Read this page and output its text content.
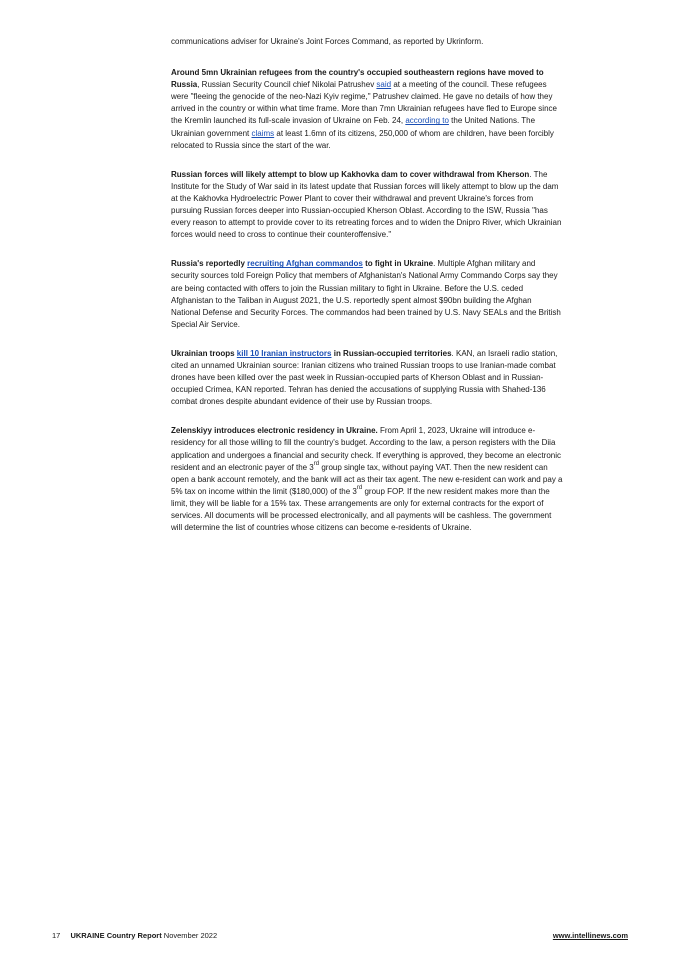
communications adviser for Ukraine's Joint Forces Command, as reported by Ukrinform.

Around 5mn Ukrainian refugees from the country's occupied southeastern regions have moved to Russia, Russian Security Council chief Nikolai Patrushev said at a meeting of the council. These refugees were "fleeing the genocide of the neo-Nazi Kyiv regime," Patrushev claimed. He gave no details of how they arrived in the country or within what time frame. More than 7mn Ukrainian refugees have fled to Europe since the Kremlin launched its full-scale invasion of Ukraine on Feb. 24, according to the United Nations. The Ukrainian government claims at least 1.6mn of its citizens, 250,000 of whom are children, have been forcibly relocated to Russia since the start of the war.

Russian forces will likely attempt to blow up Kakhovka dam to cover withdrawal from Kherson. The Institute for the Study of War said in its latest update that Russian forces will likely attempt to blow up the dam at the Kakhovka Hydroelectric Power Plant to cover their withdrawal and prevent Ukraine's forces from pursuing Russian forces deeper into Russian-occupied Kherson Oblast. According to the ISW, Russia "has every reason to attempt to provide cover to its retreating forces and to widen the Dnipro River, which Ukrainian forces would need to cross to continue their counteroffensive."

Russia's reportedly recruiting Afghan commandos to fight in Ukraine. Multiple Afghan military and security sources told Foreign Policy that members of Afghanistan's National Army Commando Corps say they are being contacted with offers to join the Russian military to fight in Ukraine. Before the U.S. ceded Afghanistan to the Taliban in August 2021, the U.S. reportedly spent almost $90bn building the Afghan National Defense and Security Forces. The commandos had been trained by U.S. Navy SEALs and the British Special Air Service.

Ukrainian troops kill 10 Iranian instructors in Russian-occupied territories. KAN, an Israeli radio station, cited an unnamed Ukrainian source: Iranian citizens who trained Russian troops to use Iranian-made combat drones have been killed over the past week in Russian-occupied parts of Kherson Oblast and in Russian-occupied Crimea, KAN reported. Tehran has denied the accusations of supplying Russia with Shahed-136 combat drones despite abundant evidence of their use by Russian troops.

Zelenskiyy introduces electronic residency in Ukraine. From April 1, 2023, Ukraine will introduce e-residency for all those willing to fill the country's budget. According to the law, a person registers with the Diia application and undergoes a financial and security check. If everything is approved, they become an electronic resident and an electronic payer of the 3rd group single tax, without paying VAT. Then the new resident can open a bank account remotely, and the bank will act as their tax agent. The new e-resident can work and pay a 5% tax on income within the limit ($180,000) of the 3rd group FOP. If the new resident makes more than the limit, they will be liable for a 15% tax. These arrangements are only for external contracts for the export of services. All documents will be processed electronically, and all payments will be cashless. The government will determine the list of countries whose citizens can become e-residents of Ukraine.

17 UKRAINE Country Report November 2022	www.intellinews.com
